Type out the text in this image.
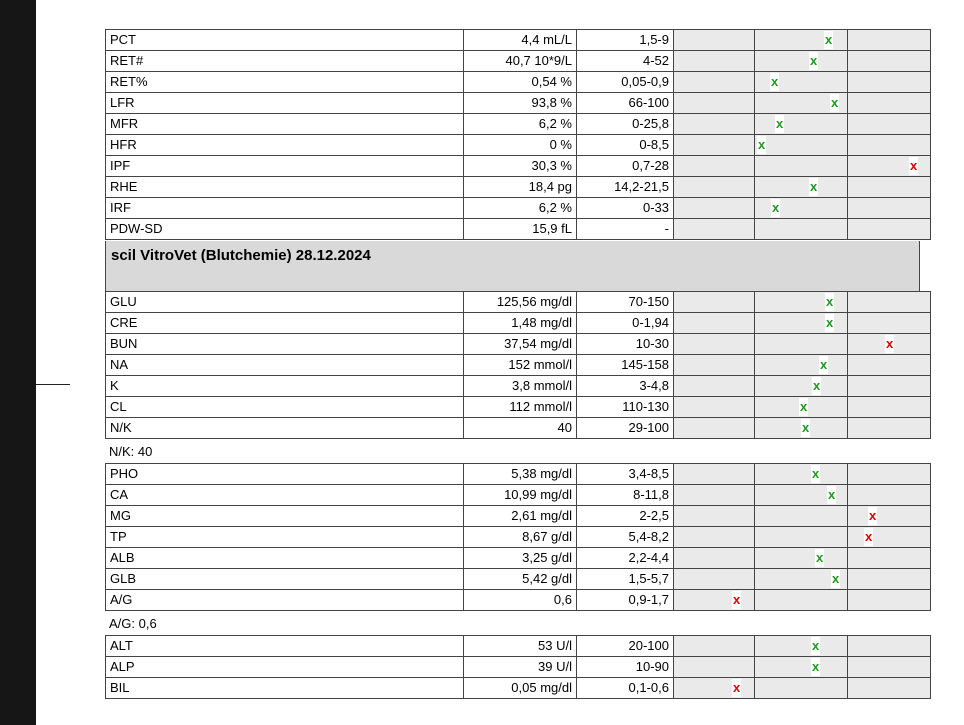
PCT	4,4 mL/L	1,5-9		x	

RET#	40,7 10*9/L	4-52		x	

RET%	0,54 %	0,05-0,9		x	

LFR	93,8 %	66-100		x	

MFR	6,2 %	0-25,8		x	

HFR	0 %	0-8,5		x	

IPF	30,3 %	0,7-28			x

RHE	18,4 pg	14,2-21,5		x	

IRF	6,2 %	0-33		x	

PDW-SD	15,9 fL	-			
scil VitroVet (Blutchemie) 28.12.2024
GLU	125,56 mg/dl	70-150		x	

CRE	1,48 mg/dl	0-1,94		x	

BUN	37,54 mg/dl	10-30			x

NA	152 mmol/l	145-158		x	

K	3,8 mmol/l	3-4,8		x	

CL	112 mmol/l	110-130		x	

N/K	40	29-100		x	

N/K: 40
PHO	5,38 mg/dl	3,4-8,5		x	

CA	10,99 mg/dl	8-11,8		x	

MG	2,61 mg/dl	2-2,5			x

TP	8,67 g/dl	5,4-8,2			x

ALB	3,25 g/dl	2,2-4,4		x	

GLB	5,42 g/dl	1,5-5,7		x	

A/G	0,6	0,9-1,7	x		

A/G: 0,6
ALT	53 U/l	20-100		x	

ALP	39 U/l	10-90		x	

BIL	0,05 mg/dl	0,1-0,6	x		
